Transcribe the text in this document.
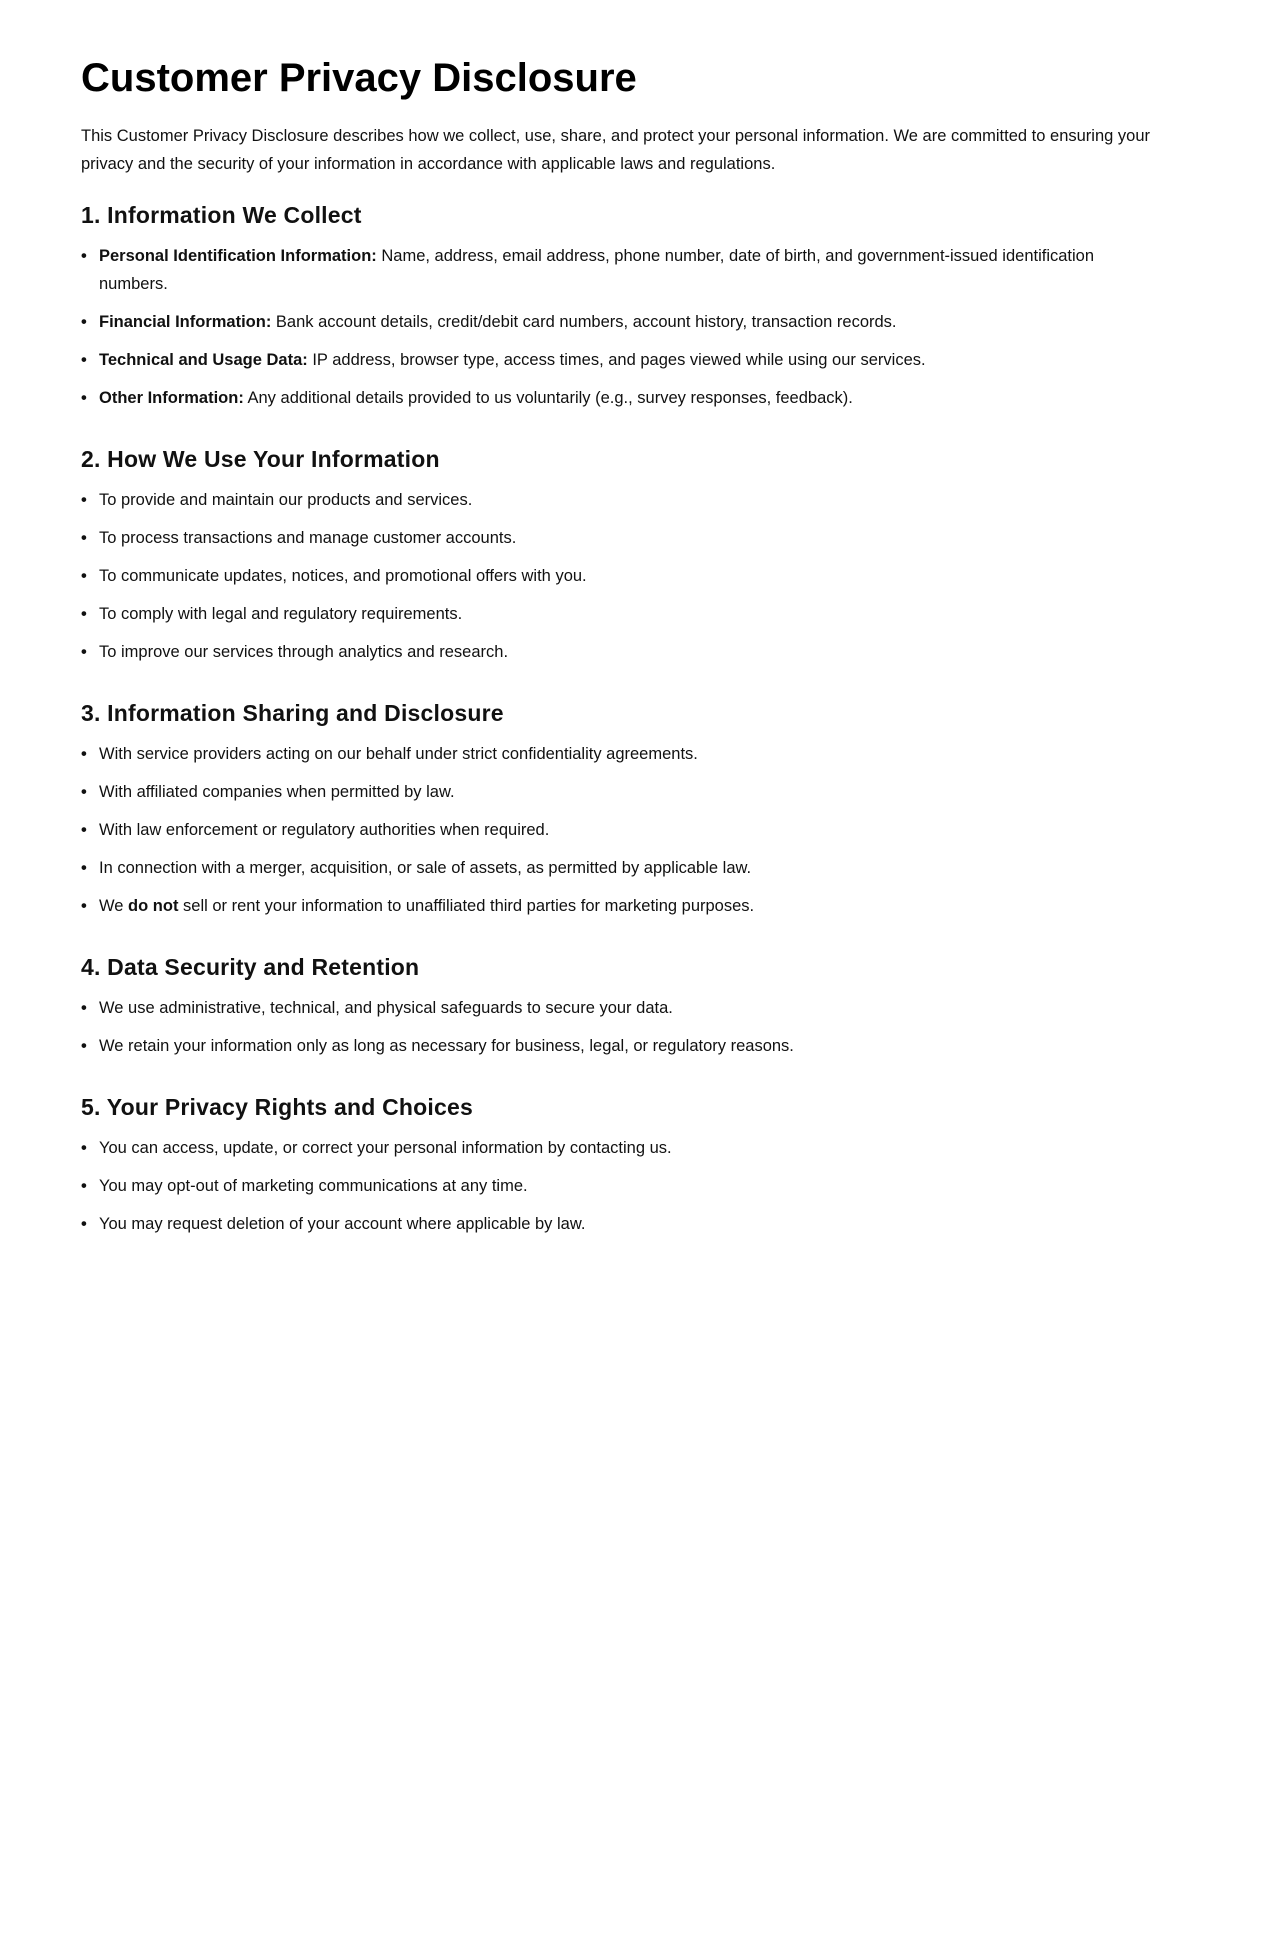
Customer Privacy Disclosure

This Customer Privacy Disclosure describes how we collect, use, share, and protect your personal information. We are committed to ensuring your privacy and the security of your information in accordance with applicable laws and regulations.

1. Information We Collect
• Personal Identification Information: Name, address, email address, phone number, date of birth, and government-issued identification numbers.
• Financial Information: Bank account details, credit/debit card numbers, account history, transaction records.
• Technical and Usage Data: IP address, browser type, access times, and pages viewed while using our services.
• Other Information: Any additional details provided to us voluntarily (e.g., survey responses, feedback).
2. How We Use Your Information
• To provide and maintain our products and services.
• To process transactions and manage customer accounts.
• To communicate updates, notices, and promotional offers with you.
• To comply with legal and regulatory requirements.
• To improve our services through analytics and research.
3. Information Sharing and Disclosure
• With service providers acting on our behalf under strict confidentiality agreements.
• With affiliated companies when permitted by law.
• With law enforcement or regulatory authorities when required.
• In connection with a merger, acquisition, or sale of assets, as permitted by applicable law.
• We do not sell or rent your information to unaffiliated third parties for marketing purposes.
4. Data Security and Retention
• We use administrative, technical, and physical safeguards to secure your data.
• We retain your information only as long as necessary for business, legal, or regulatory reasons.
5. Your Privacy Rights and Choices
• You can access, update, or correct your personal information by contacting us.
• You may opt-out of marketing communications at any time.
• You may request deletion of your account where applicable by law.
